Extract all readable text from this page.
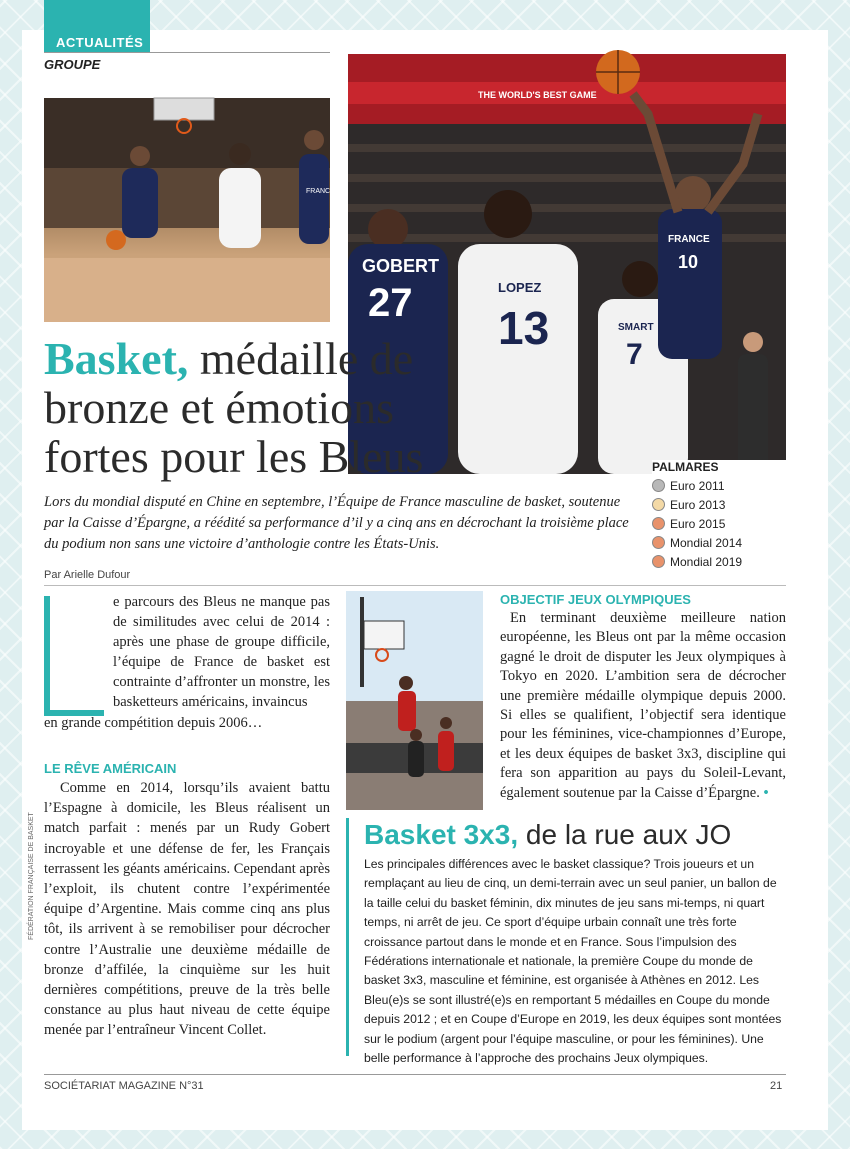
ACTUALITÉS
GROUPE
FRANCE
THE WORLD'S BEST GAME
GOBERT
27	LOPEZ
13	SMART
7
FRANCE
10
Basket, médaille de bronze et émotions fortes pour les Bleus	PALMARES
Euro 2011
Euro 2013
Euro 2015
Mondial 2014
Mondial 2019
Lors du mondial disputé en Chine en septembre, l’Équipe de France masculine de basket, soutenue par la Caisse d’Épargne, a réédité sa performance d’il y a cinq ans en décrochant la troisième place du podium non sans une victoire d’anthologie contre les États-Unis.
Par Arielle Dufour
e parcours des Bleus ne manque pas de similitudes avec celui de 2014 : après une phase de groupe difficile, l’équipe de France de basket est contrainte d’affronter un monstre, les basketteurs américains, invaincus
en grande compétition depuis 2006…
LE RÊVE AMÉRICAIN
Comme en 2014, lorsqu’ils avaient battu l’Espagne à domicile, les Bleus réalisent un match parfait : menés par un Rudy Gobert incroyable et une défense de fer, les Français terrassent les géants américains. Cependant après l’exploit, ils chutent contre l’expérimentée équipe d’Argentine. Mais comme cinq ans plus tôt, ils arrivent à se remobiliser pour décrocher contre l’Australie une deuxième médaille de bronze d’affilée, la cinquième sur les huit dernières compétitions, preuve de la très belle constance au plus haut niveau de cette équipe menée par l’entraîneur Vincent Collet.
FÉDÉRATION FRANÇAISE DE BASKET
OBJECTIF JEUX OLYMPIQUES
En terminant deuxième meilleure nation européenne, les Bleus ont par la même occasion gagné le droit de disputer les Jeux olympiques à Tokyo en 2020. L’ambition sera de décrocher une première médaille olympique depuis 2000. Si elles se qualifient, l’objectif sera identique pour les féminines, vice-championnes d’Europe, et les deux équipes de basket 3x3, discipline qui fera son apparition au pays du Soleil-Levant, également soutenue par la Caisse d’Épargne. •
Basket 3x3, de la rue aux JO
Les principales différences avec le basket classique? Trois joueurs et un remplaçant au lieu de cinq, un demi-terrain avec un seul panier, un ballon de la taille celui du basket féminin, dix minutes de jeu sans mi-temps, ni quart temps, ni arrêt de jeu. Ce sport d’équipe urbain connaît une très forte croissance partout dans le monde et en France. Sous l’impulsion des Fédérations internationale et nationale, la première Coupe du monde de basket 3x3, masculine et féminine, est organisée à Athènes en 2012. Les Bleu(e)s se sont illustré(e)s en remportant 5 médailles en Coupe du monde depuis 2012 ; et en Coupe d’Europe en 2019, les deux équipes sont montées sur le podium (argent pour l’équipe masculine, or pour les féminines). Une belle performance à l’approche des prochains Jeux olympiques.
SOCIÉTARIAT MAGAZINE N°31	21
